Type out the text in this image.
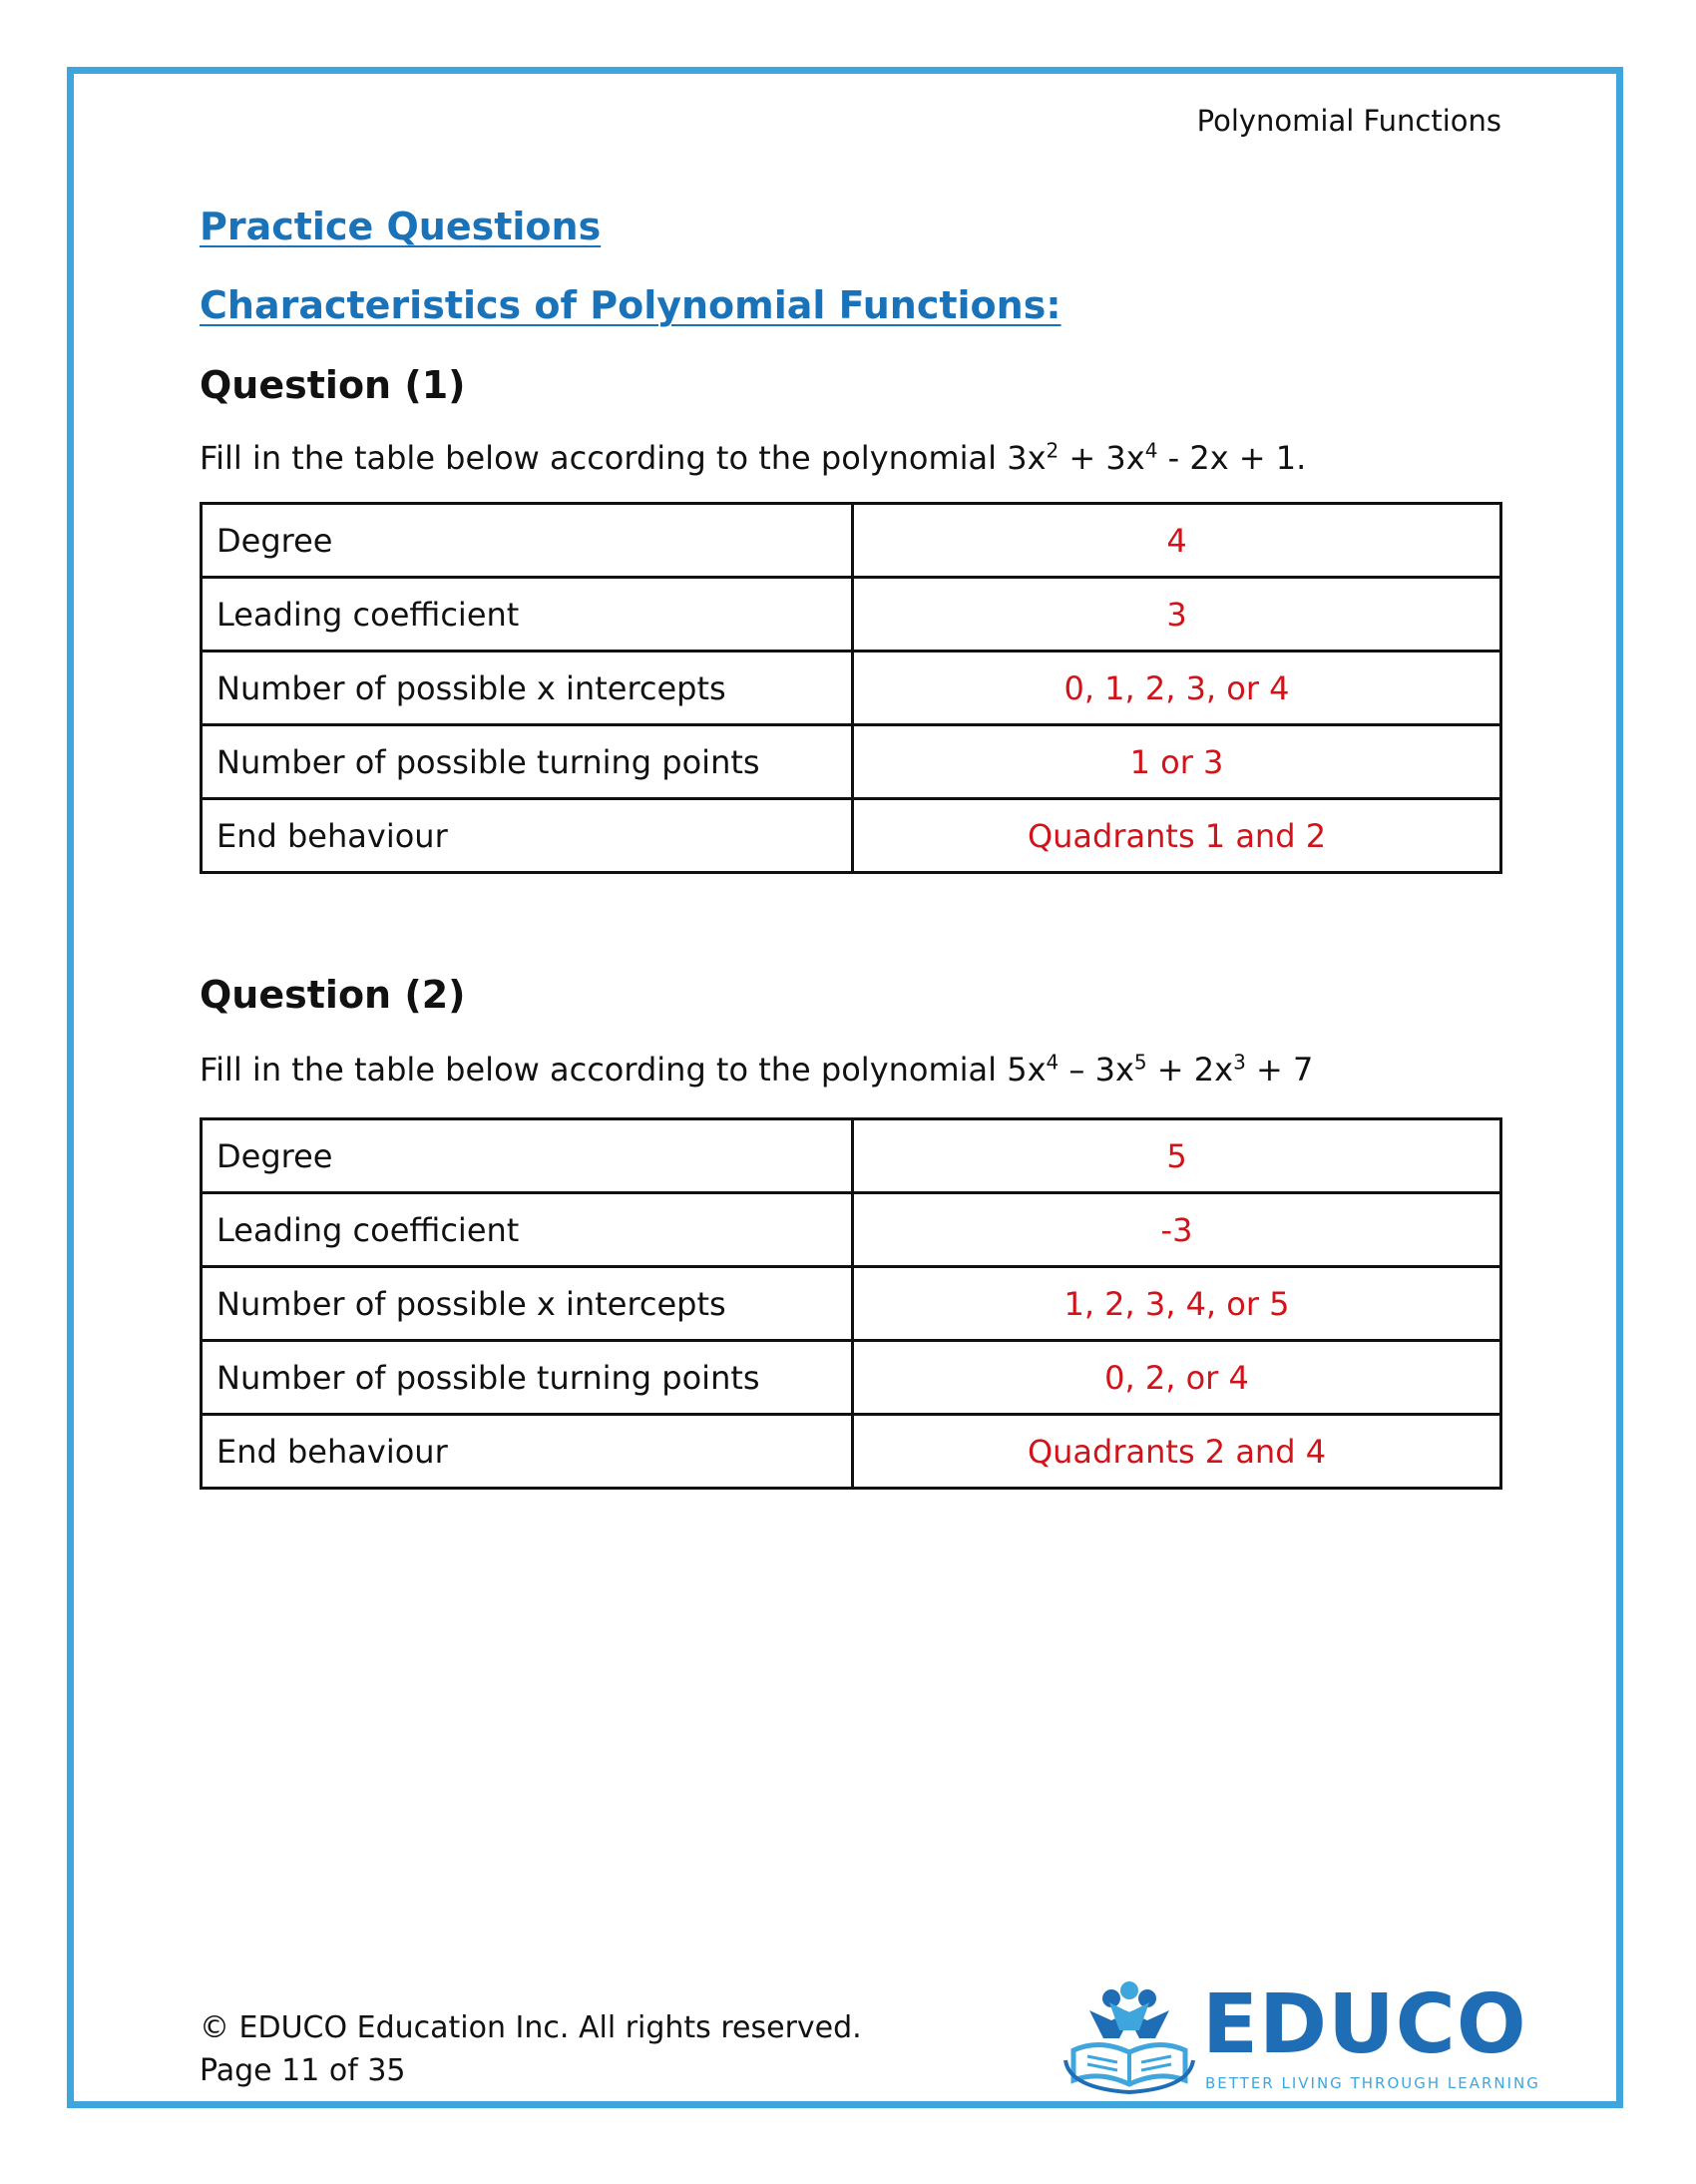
Polynomial Functions
Practice Questions
Characteristics of Polynomial Functions:
Question (1)
Fill in the table below according to the polynomial $3x^2 + 3x^4 - 2x + 1$.
Degree	4
Leading coefficient	3
Number of possible x intercepts	0, 1, 2, 3, or 4
Number of possible turning points	1 or 3
End behaviour	Quadrants 1 and 2
Question (2)
Fill in the table below according to the polynomial $5x^4 - 3x^5 + 2x^3 + 7$
Degree	5
Leading coefficient	-3
Number of possible x intercepts	1, 2, 3, 4, or 5
Number of possible turning points	0, 2, or 4
End behaviour	Quadrants 2 and 4
© EDUCO Education Inc. All rights reserved.
Page 11 of 35	EDUCO
BETTER LIVING THROUGH LEARNING
